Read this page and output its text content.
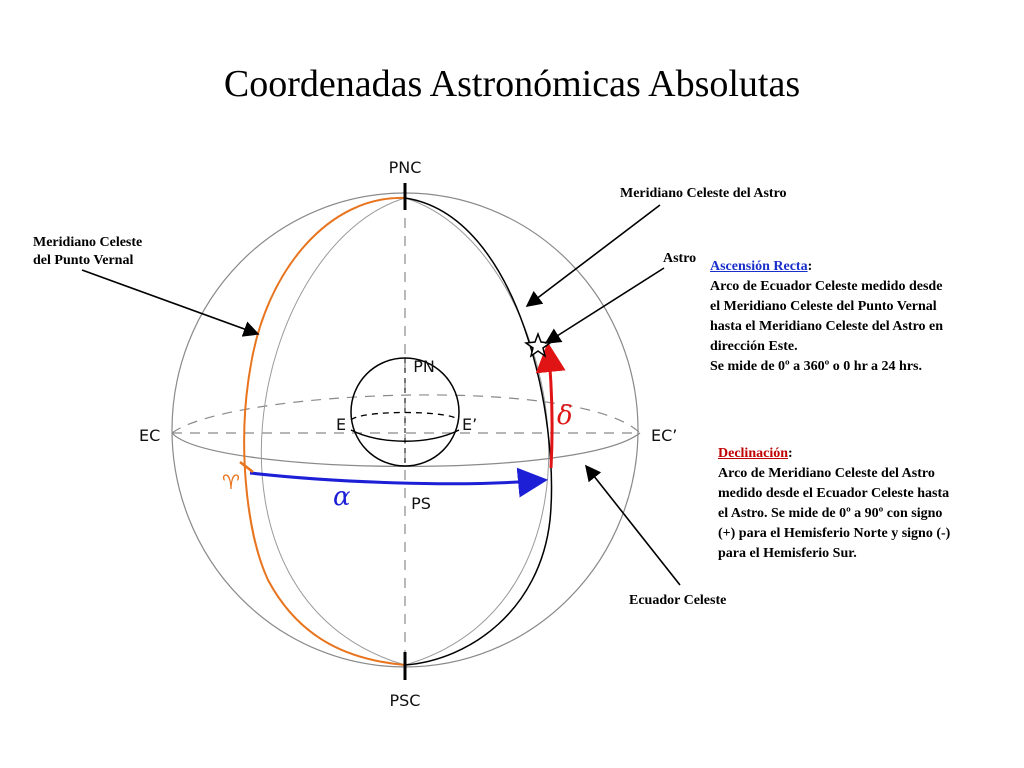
Coordenadas Astronómicas Absolutas
PNC
PSC
EC	EC’
PN
PS
E	E’	δ
α
♈
Meridiano Celeste del Astro
Meridiano Celeste
del Punto Vernal	Astro
Ecuador Celeste
Ascensión Recta:
Arco de Ecuador Celeste medido desde
el Meridiano Celeste del Punto Vernal
hasta el Meridiano Celeste del Astro en
dirección Este.
Se mide de 0º a 360º o 0 hr a 24 hrs.
Declinación:
Arco de Meridiano Celeste del Astro
medido desde el Ecuador Celeste hasta
el Astro. Se mide de 0º a 90º con signo
(+) para el Hemisferio Norte y signo (-)
para el Hemisferio Sur.
